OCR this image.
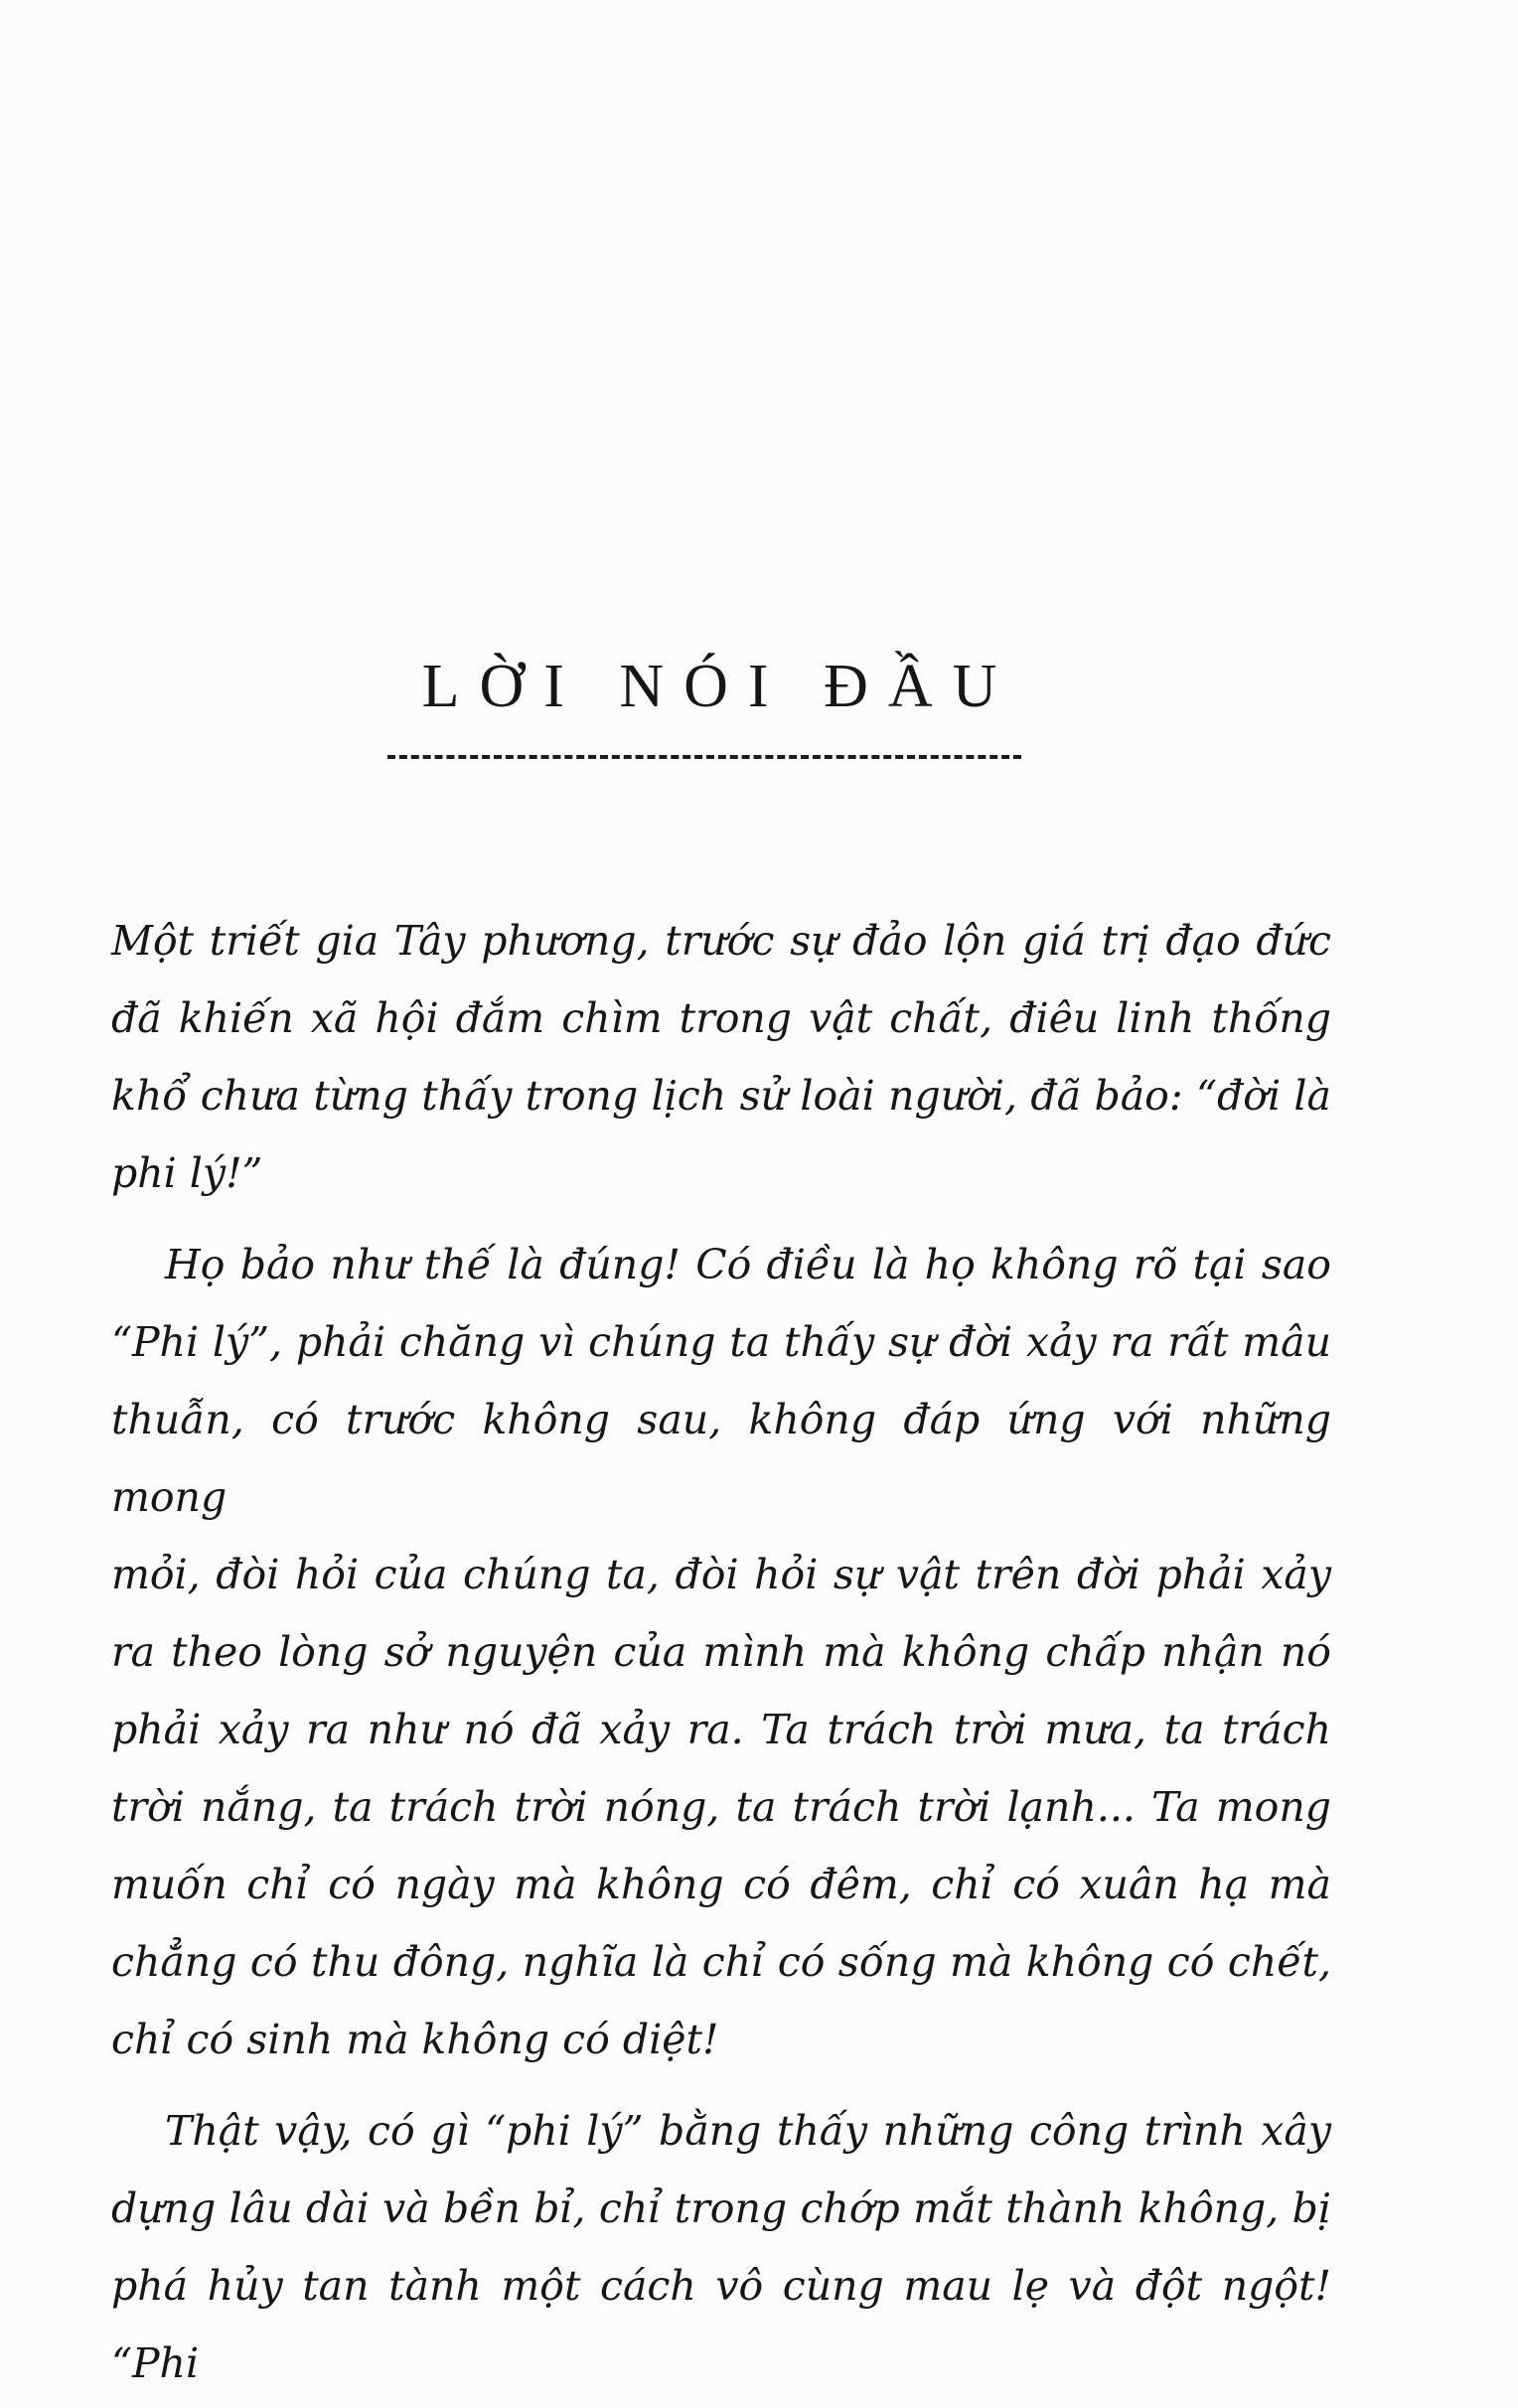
LỜI NÓI ĐẦU

Một triết gia Tây phương, trước sự đảo lộn giá trị đạo đức
đã khiến xã hội đắm chìm trong vật chất, điêu linh thống
khổ chưa từng thấy trong lịch sử loài người, đã bảo: “đời là
phi lý!”

Họ bảo như thế là đúng! Có điều là họ không rõ tại sao
“Phi lý”, phải chăng vì chúng ta thấy sự đời xảy ra rất mâu
thuẫn, có trước không sau, không đáp ứng với những mong
mỏi, đòi hỏi của chúng ta, đòi hỏi sự vật trên đời phải xảy
ra theo lòng sở nguyện của mình mà không chấp nhận nó
phải xảy ra như nó đã xảy ra. Ta trách trời mưa, ta trách
trời nắng, ta trách trời nóng, ta trách trời lạnh... Ta mong
muốn chỉ có ngày mà không có đêm, chỉ có xuân hạ mà
chẳng có thu đông, nghĩa là chỉ có sống mà không có chết,
chỉ có sinh mà không có diệt!

Thật vậy, có gì “phi lý” bằng thấy những công trình xây
dựng lâu dài và bền bỉ, chỉ trong chớp mắt thành không, bị
phá hủy tan tành một cách vô cùng mau lẹ và đột ngột! “Phi
